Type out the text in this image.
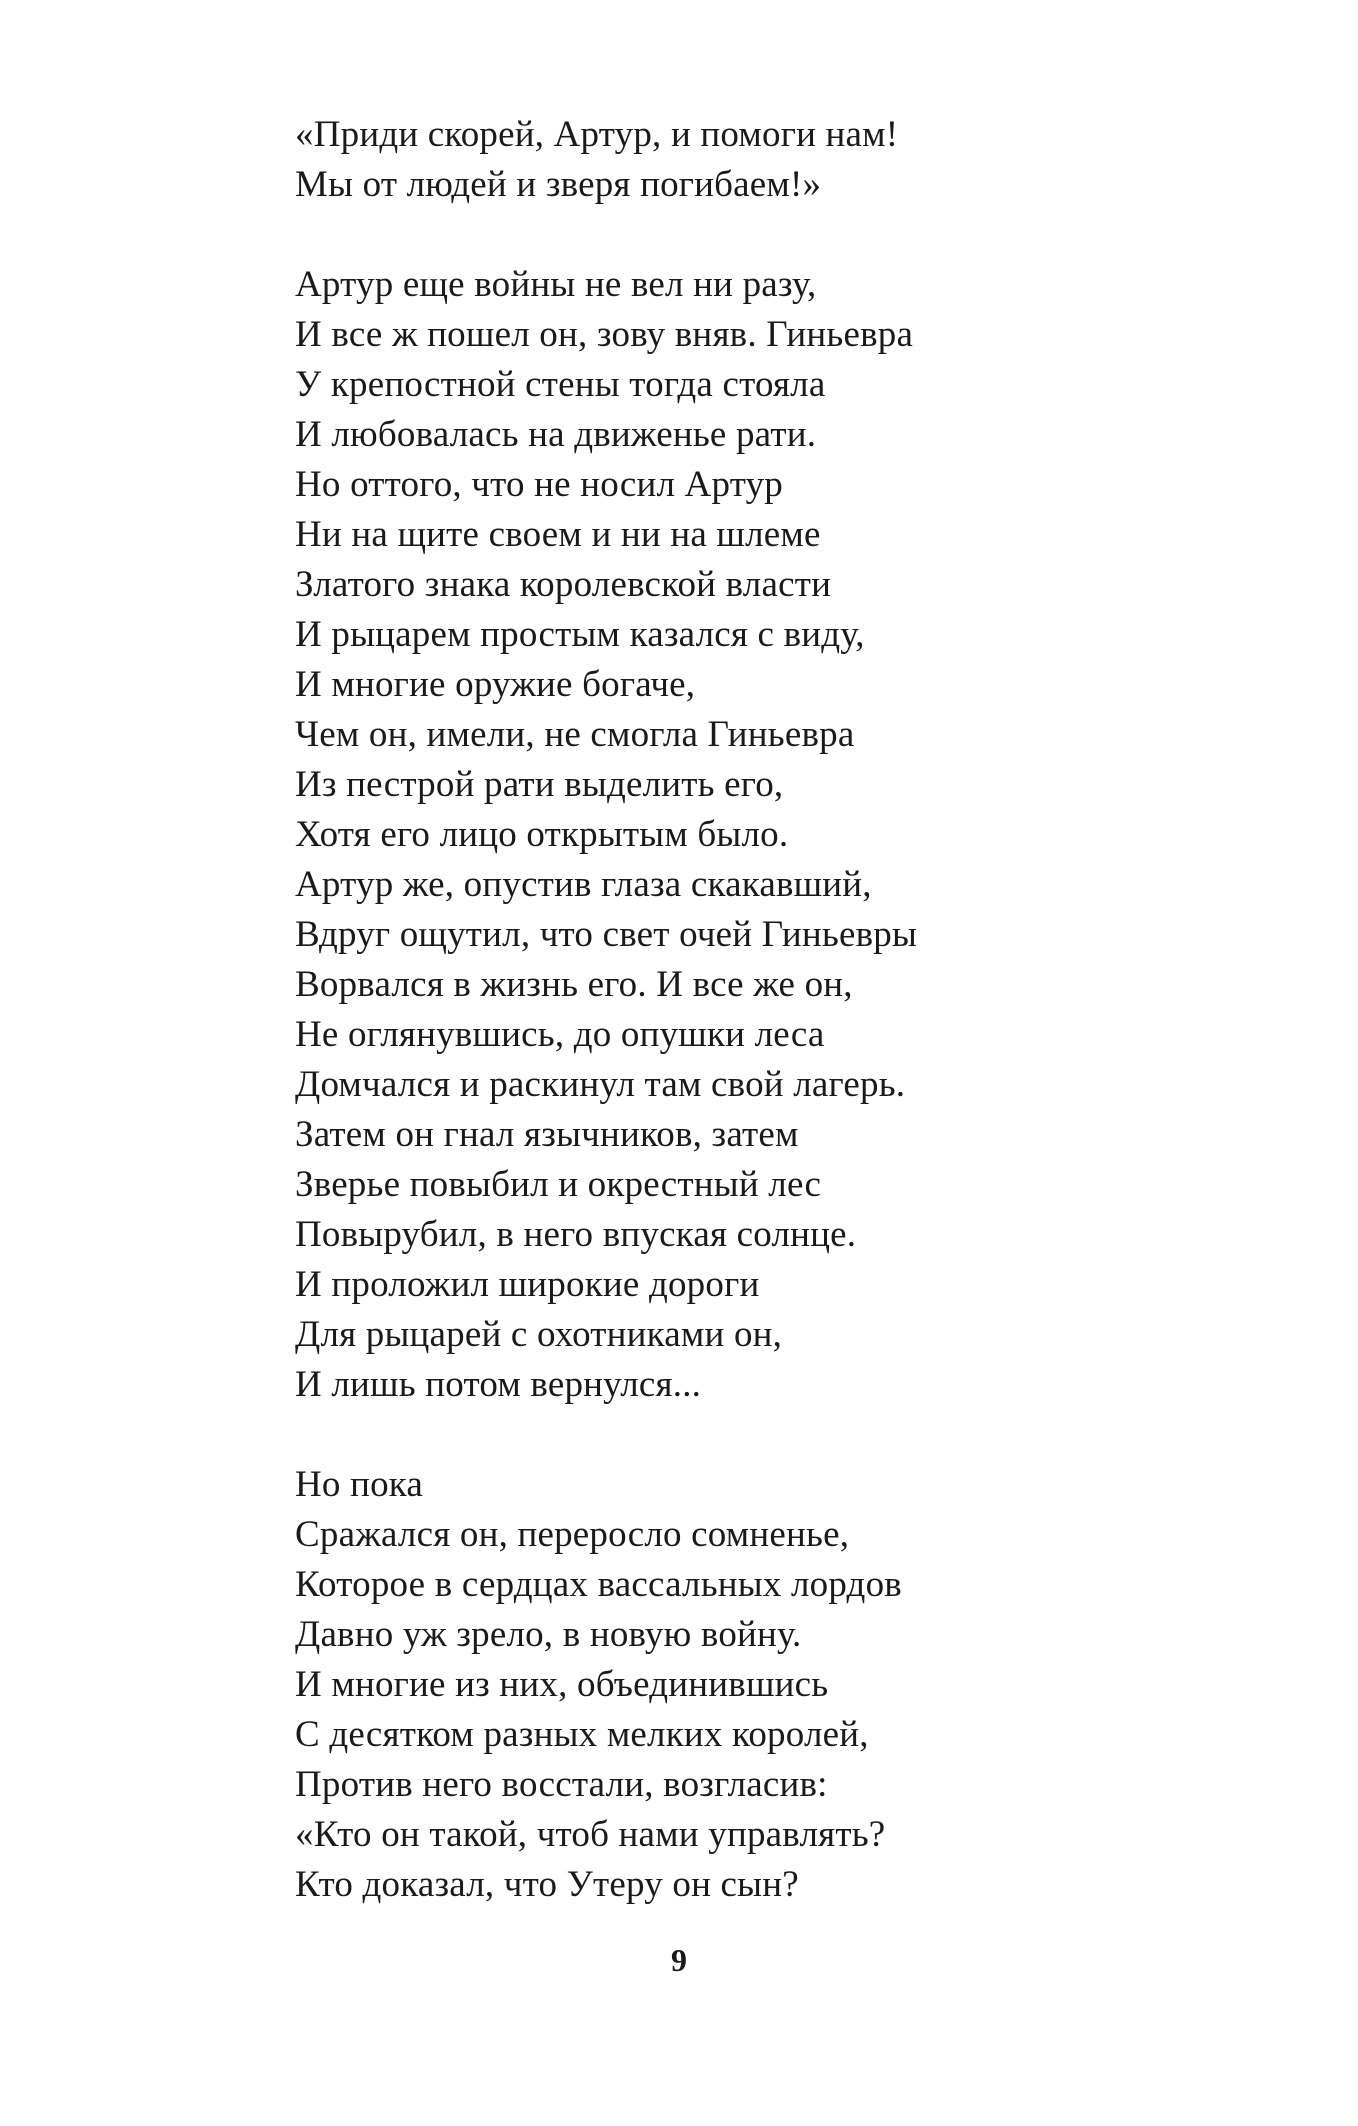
«Приди скорей, Артур, и помоги нам!
Мы от людей и зверя погибаем!»
Артур еще войны не вел ни разу,
И все ж пошел он, зову вняв. Гиньевра
У крепостной стены тогда стояла
И любовалась на движенье рати.
Но оттого, что не носил Артур
Ни на щите своем и ни на шлеме
Златого знака королевской власти
И рыцарем простым казался с виду,
И многие оружие богаче,
Чем он, имели, не смогла Гиньевра
Из пестрой рати выделить его,
Хотя его лицо открытым было.
Артур же, опустив глаза скакавший,
Вдруг ощутил, что свет очей Гиньевры
Ворвался в жизнь его. И все же он,
Не оглянувшись, до опушки леса
Домчался и раскинул там свой лагерь.
Затем он гнал язычников, затем
Зверье повыбил и окрестный лес
Повырубил, в него впуская солнце.
И проложил широкие дороги
Для рыцарей с охотниками он,
И лишь потом вернулся...
Но пока
Сражался он, переросло сомненье,
Которое в сердцах вассальных лордов
Давно уж зрело, в новую войну.
И многие из них, объединившись
С десятком разных мелких королей,
Против него восстали, возгласив:
«Кто он такой, чтоб нами управлять?
Кто доказал, что Утеру он сын?
9
